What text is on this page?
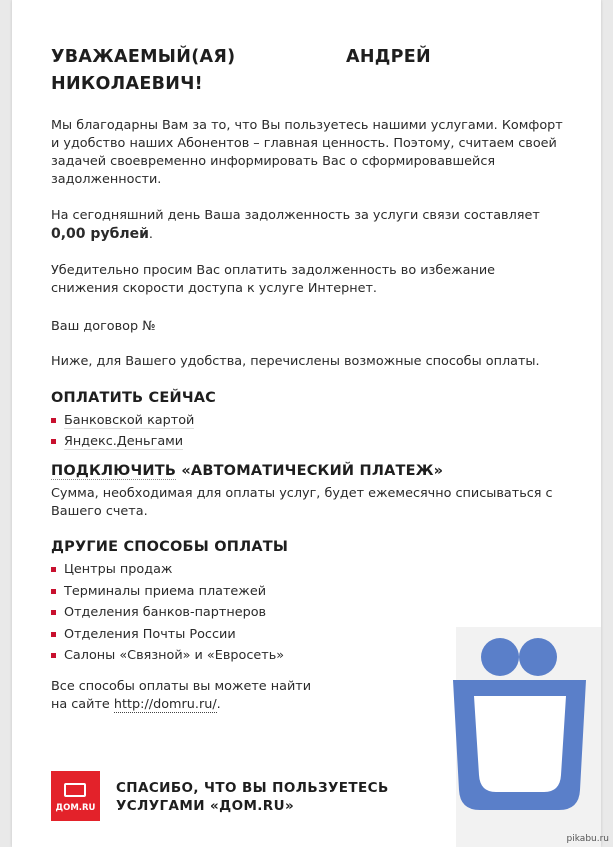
УВАЖАЕМЫЙ(АЯ)	АНДРЕЙ
НИКОЛАЕВИЧ!

Мы благодарны Вам за то, что Вы пользуетесь нашими услугами. Комфорт и удобство наших Абонентов – главная ценность. Поэтому, считаем своей задачей своевременно информировать Вас о сформировавшейся задолженности.

На сегодняшний день Ваша задолженность за услуги связи составляет
0,00 рублей.

Убедительно просим Вас оплатить задолженность во избежание снижения скорости доступа к услуге Интернет.

Ваш договор №

Ниже, для Вашего удобства, перечислены возможные способы оплаты.

ОПЛАТИТЬ СЕЙЧАС
Банковской картой
Яндекс.Деньгами
ПОДКЛЮЧИТЬ «АВТОМАТИЧЕСКИЙ ПЛАТЕЖ»

Сумма, необходимая для оплаты услуг, будет ежемесячно списываться с Вашего счета.

ДРУГИЕ СПОСОБЫ ОПЛАТЫ
Центры продаж
Терминалы приема платежей
Отделения банков-партнеров
Отделения Почты России
Салоны «Связной» и «Евросеть»

Все способы оплаты вы можете найти
на сайте http://domru.ru/.

ДОМ.RU
СПАСИБО, ЧТО ВЫ ПОЛЬЗУЕТЕСЬ
УСЛУГАМИ «ДОМ.RU»
pikabu.ru
